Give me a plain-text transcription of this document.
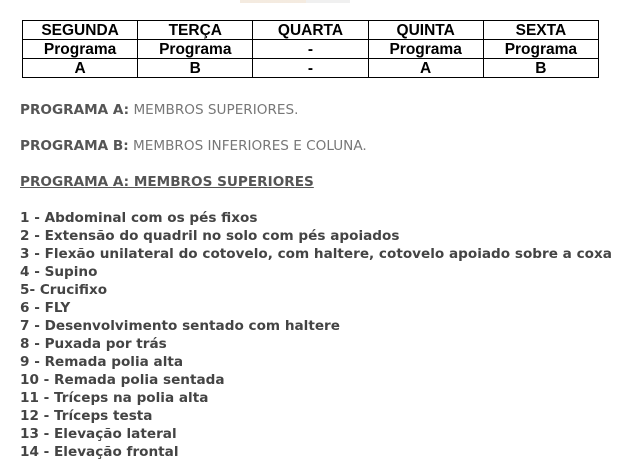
SEGUNDA	TERÇA	QUARTA	QUINTA	SEXTA
Programa	Programa	-	Programa	Programa
A	B	-	A	B
PROGRAMA A: MEMBROS SUPERIORES.
PROGRAMA B: MEMBROS INFERIORES E COLUNA.
PROGRAMA A: MEMBROS SUPERIORES
1 - Abdominal com os pés fixos
2 - Extensão do quadril no solo com pés apoiados
3 - Flexão unilateral do cotovelo, com haltere, cotovelo apoiado sobre a coxa
4 - Supino
5- Crucifixo
6 - FLY
7 - Desenvolvimento sentado com haltere
8 - Puxada por trás
9 - Remada polia alta
10 - Remada polia sentada
11 - Tríceps na polia alta
12 - Tríceps testa
13 - Elevação lateral
14 - Elevação frontal
